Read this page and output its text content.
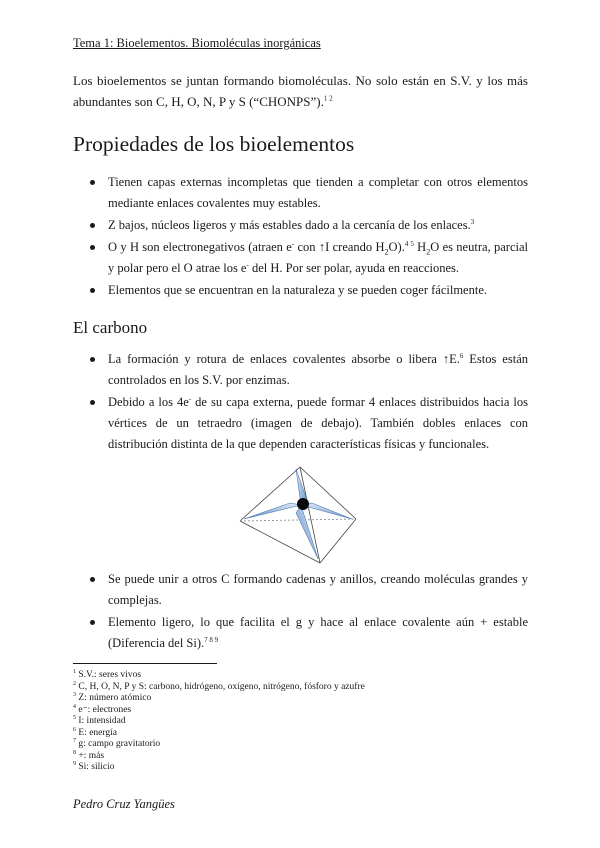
Tema 1: Bioelementos. Biomoléculas inorgánicas
Los bioelementos se juntan formando biomoléculas. No solo están en S.V. y los más abundantes son C, H, O, N, P y S (“CHONPS”).$^{1 2}$
Propiedades de los bioelementos
Tienen capas externas incompletas que tienden a completar con otros elementos mediante enlaces covalentes muy estables.
Z bajos, núcleos ligeros y más estables dado a la cercanía de los enlaces.$^3$
O y H son electronegativos (atraen e- con ↑I creando $H_2O).^{4 5}$ $H_2O$ es neutra, parcial y polar pero el O atrae los e- del H. Por ser polar, ayuda en reacciones.
Elementos que se encuentran en la naturaleza y se pueden coger fácilmente.
El carbono
La formación y rotura de enlaces covalentes absorbe o libera ↑E.$^6$ Estos están controlados en los S.V. por enzimas.
Debido a los 4e- de su capa externa, puede formar 4 enlaces distribuidos hacia los vértices de un tetraedro (imagen de debajo). También dobles enlaces con distribución distinta de la que dependen características físicas y funcionales.
Se puede unir a otros C formando cadenas y anillos, creando moléculas grandes y complejas.
Elemento ligero, lo que facilita el g y hace al enlace covalente aún + estable (Diferencia del Si).$^{7 8 9}$
$^1$ S.V.: seres vivos
$^2$ C, H, O, N, P y S: carbono, hidrógeno, oxígeno, nitrógeno, fósforo y azufre
$^3$ Z: número atómico
$^4$ e⁻: electrones
$^5$ I: intensidad
$^6$ E: energía
$^7$ g: campo gravitatorio
$^8$ +: más
$^9$ Si: silicio
Pedro Cruz Yangües
